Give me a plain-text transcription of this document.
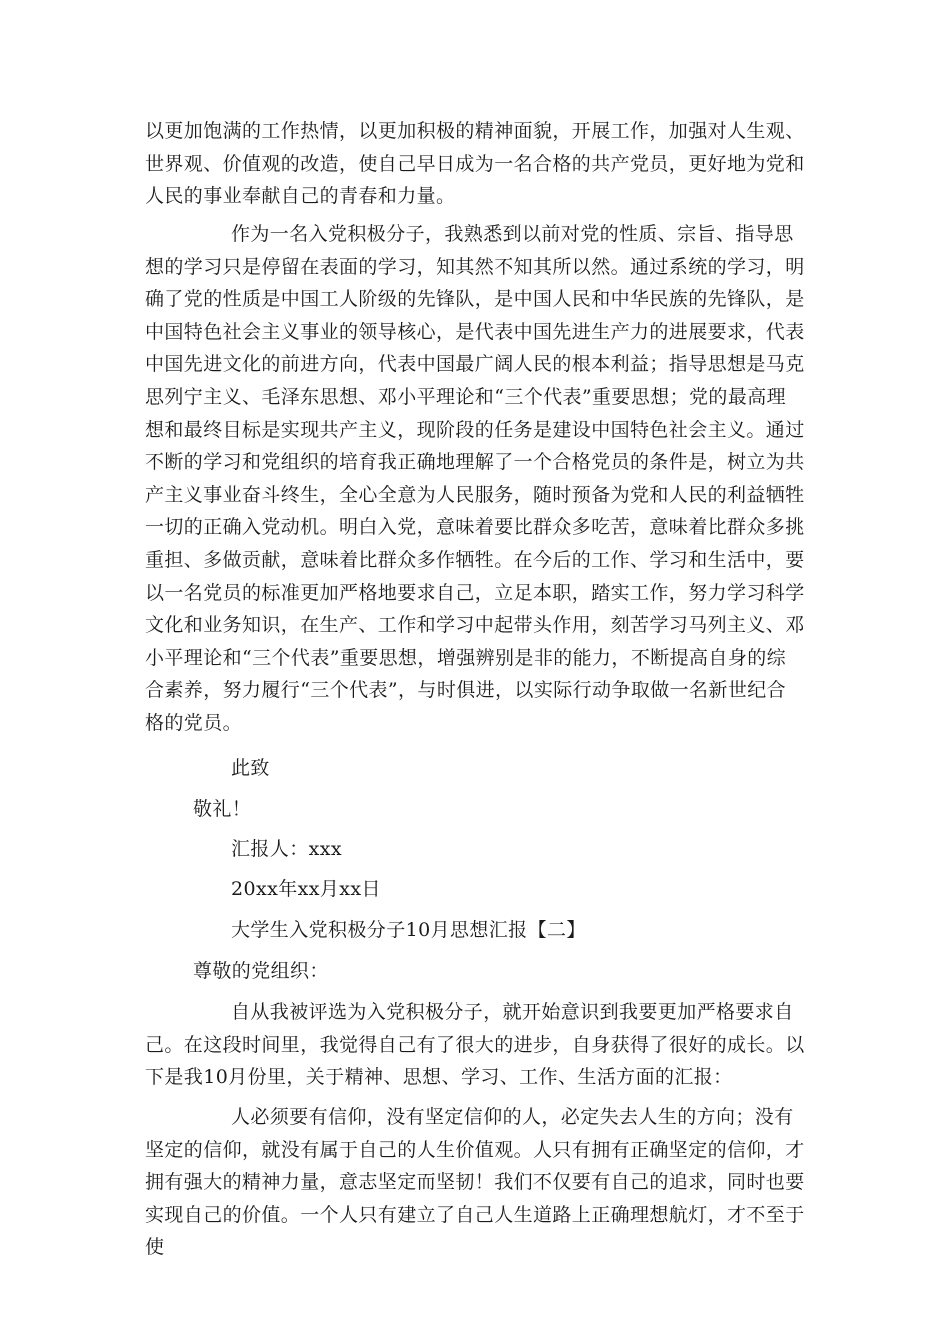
以更加饱满的工作热情，以更加积极的精神面貌，开展工作，加强对人生观、世界观、价值观的改造，使自己早日成为一名合格的共产党员，更好地为党和人民的事业奉献自己的青春和力量。

作为一名入党积极分子，我熟悉到以前对党的性质、宗旨、指导思想的学习只是停留在表面的学习，知其然不知其所以然。通过系统的学习，明确了党的性质是中国工人阶级的先锋队，是中国人民和中华民族的先锋队，是中国特色社会主义事业的领导核心，是代表中国先进生产力的进展要求，代表中国先进文化的前进方向，代表中国最广阔人民的根本利益；指导思想是马克思列宁主义、毛泽东思想、邓小平理论和“三个代表”重要思想；党的最高理想和最终目标是实现共产主义，现阶段的任务是建设中国特色社会主义。通过不断的学习和党组织的培育我正确地理解了一个合格党员的条件是，树立为共产主义事业奋斗终生，全心全意为人民服务，随时预备为党和人民的利益牺牲一切的正确入党动机。明白入党，意味着要比群众多吃苦，意味着比群众多挑重担、多做贡献，意味着比群众多作牺牲。在今后的工作、学习和生活中，要以一名党员的标准更加严格地要求自己，立足本职，踏实工作，努力学习科学文化和业务知识，在生产、工作和学习中起带头作用，刻苦学习马列主义、邓小平理论和“三个代表”重要思想，增强辨别是非的能力，不断提高自身的综合素养，努力履行“三个代表”，与时俱进，以实际行动争取做一名新世纪合格的党员。

此致

敬礼！

汇报人：xxx

20xx年xx月xx日

大学生入党积极分子10月思想汇报【二】

尊敬的党组织：

自从我被评选为入党积极分子，就开始意识到我要更加严格要求自己。在这段时间里，我觉得自己有了很大的进步，自身获得了很好的成长。以下是我10月份里，关于精神、思想、学习、工作、生活方面的汇报：

人必须要有信仰，没有坚定信仰的人，必定失去人生的方向；没有坚定的信仰，就没有属于自己的人生价值观。人只有拥有正确坚定的信仰，才拥有强大的精神力量，意志坚定而坚韧！我们不仅要有自己的追求，同时也要实现自己的价值。一个人只有建立了自己人生道路上正确理想航灯，才不至于使
